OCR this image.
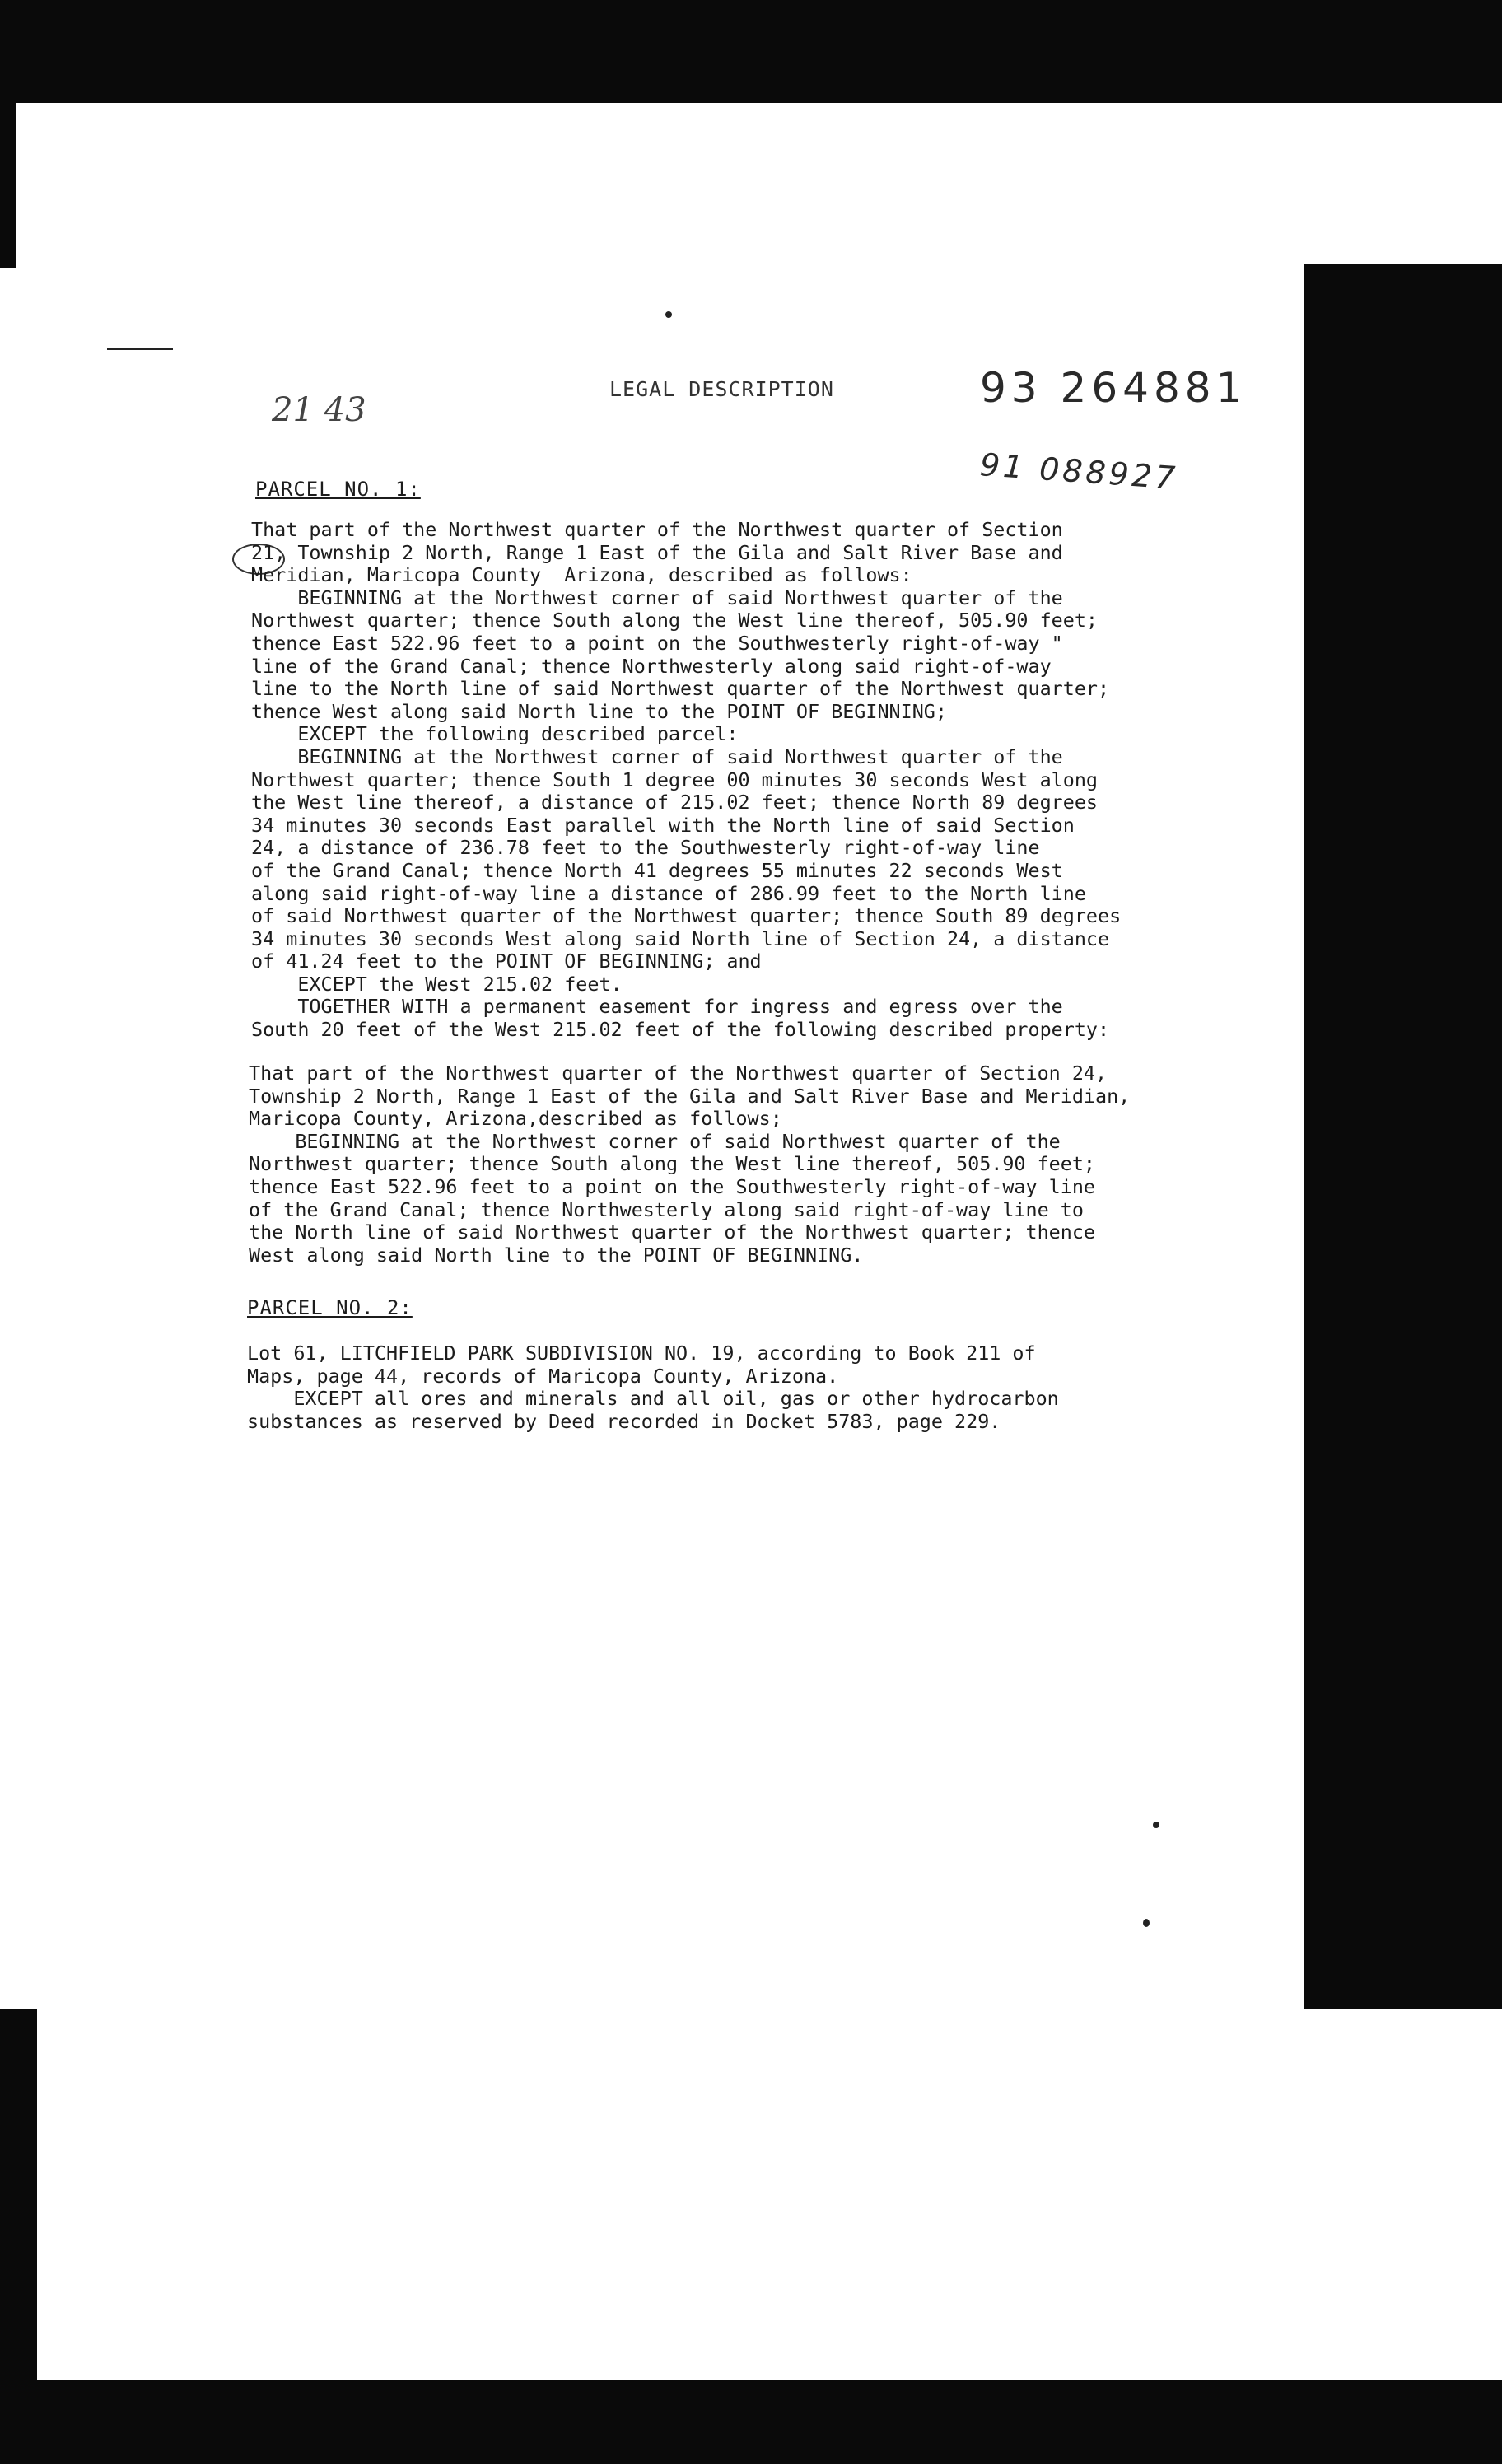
21 43
LEGAL DESCRIPTION	93 264881
91 088927
PARCEL NO. 1:
That part of the Northwest quarter of the Northwest quarter of Section
21, Township 2 North, Range 1 East of the Gila and Salt River Base and
Meridian, Maricopa County  Arizona, described as follows:
BEGINNING at the Northwest corner of said Northwest quarter of the
Northwest quarter; thence South along the West line thereof, 505.90 feet;
thence East 522.96 feet to a point on the Southwesterly right-of-way "
line of the Grand Canal; thence Northwesterly along said right-of-way
line to the North line of said Northwest quarter of the Northwest quarter;
thence West along said North line to the POINT OF BEGINNING;
EXCEPT the following described parcel:
BEGINNING at the Northwest corner of said Northwest quarter of the
Northwest quarter; thence South 1 degree 00 minutes 30 seconds West along
the West line thereof, a distance of 215.02 feet; thence North 89 degrees
34 minutes 30 seconds East parallel with the North line of said Section
24, a distance of 236.78 feet to the Southwesterly right-of-way line
of the Grand Canal; thence North 41 degrees 55 minutes 22 seconds West
along said right-of-way line a distance of 286.99 feet to the North line
of said Northwest quarter of the Northwest quarter; thence South 89 degrees
34 minutes 30 seconds West along said North line of Section 24, a distance
of 41.24 feet to the POINT OF BEGINNING; and
EXCEPT the West 215.02 feet.
TOGETHER WITH a permanent easement for ingress and egress over the
South 20 feet of the West 215.02 feet of the following described property:
That part of the Northwest quarter of the Northwest quarter of Section 24,
Township 2 North, Range 1 East of the Gila and Salt River Base and Meridian,
Maricopa County, Arizona,described as follows;
BEGINNING at the Northwest corner of said Northwest quarter of the
Northwest quarter; thence South along the West line thereof, 505.90 feet;
thence East 522.96 feet to a point on the Southwesterly right-of-way line
of the Grand Canal; thence Northwesterly along said right-of-way line to
the North line of said Northwest quarter of the Northwest quarter; thence
West along said North line to the POINT OF BEGINNING.
PARCEL NO. 2:
Lot 61, LITCHFIELD PARK SUBDIVISION NO. 19, according to Book 211 of
Maps, page 44, records of Maricopa County, Arizona.
EXCEPT all ores and minerals and all oil, gas or other hydrocarbon
substances as reserved by Deed recorded in Docket 5783, page 229.
